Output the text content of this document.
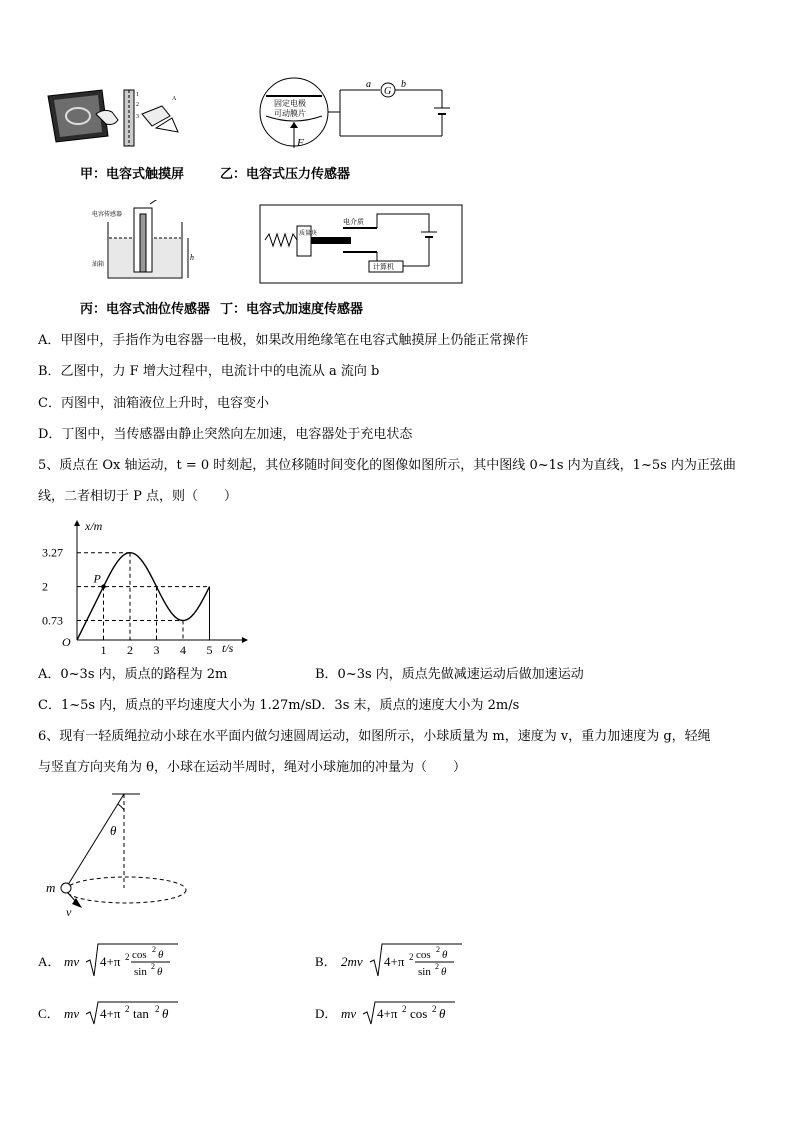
1
2
3
A
甲：电容式触摸屏
固定电极
可动膜片
F
G
a	b
乙：电容式压力传感器
电容传感器
油箱
h
丙：电容式油位传感器
质量块
电介质
计算机
丁：电容式加速度传感器
A．甲图中，手指作为电容器一电极，如果改用绝缘笔在电容式触摸屏上仍能正常操作
B．乙图中，力 F 增大过程中，电流计中的电流从 a 流向 b
C．丙图中，油箱液位上升时，电容变小
D．丁图中，当传感器由静止突然向左加速，电容器处于充电状态
5、质点在 Ox 轴运动，t = 0 时刻起，其位移随时间变化的图像如图所示，其中图线 0~1s 内为直线，1~5s 内为正弦曲
线，二者相切于 P 点，则（　　）
x/m
t/s
O
1 2 3 4 5
3.27
2
0.73
P
A．0~3s 内，质点的路程为 2m	B．0~3s 内，质点先做减速运动后做加速运动
C．1~5s 内，质点的平均速度大小为 1.27m/s D．3s 末，质点的速度大小为 2m/s
6、现有一轻质绳拉动小球在水平面内做匀速圆周运动，如图所示，小球质量为 m，速度为 v，重力加速度为 g，轻绳
与竖直方向夹角为 θ，小球在运动半周时，绳对小球施加的冲量为（　　）
θ
m
v
A． mv 4+π 2 cos 2 θ
sin 2 θ
B． 2mv 4+π 2 cos 2 θ
sin 2 θ
C． mv 4+π 2 tan 2 θ	D． mv 4+π 2 cos 2 θ
